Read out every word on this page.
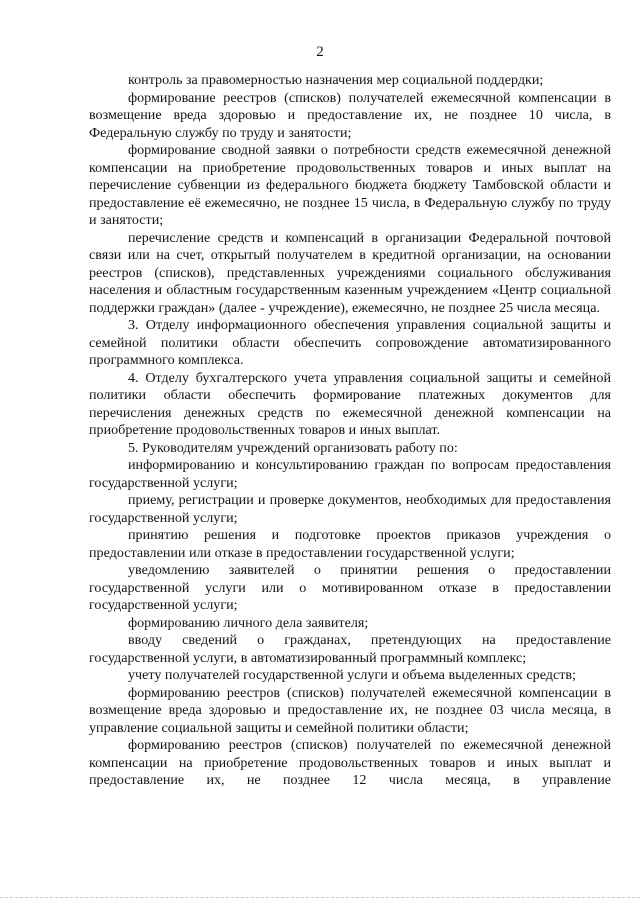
2

контроль за правомерностью назначения мер социальной поддердки;

формирование реестров (списков) получателей ежемесячной компенсации в возмещение вреда здоровью и предоставление их, не позднее 10 числа, в Федеральную службу по труду и занятости;

формирование сводной заявки о потребности средств ежемесячной денежной компенсации на приобретение продовольственных товаров и иных выплат на перечисление субвенции из федерального бюджета бюджету Тамбовской области и предоставление её ежемесячно, не позднее 15 числа, в Федеральную службу по труду и занятости;

перечисление средств и компенсаций в организации Федеральной почтовой связи или на счет, открытый получателем в кредитной организации, на основании реестров (списков), представленных учреждениями социального обслуживания населения и областным государственным казенным учреждением «Центр социальной поддержки граждан» (далее - учреждение), ежемесячно, не позднее 25 числа месяца.

3. Отделу информационного обеспечения управления социальной защиты и семейной политики области обеспечить сопровождение автоматизированного программного комплекса.

4. Отделу бухгалтерского учета управления социальной защиты и семейной политики области обеспечить формирование платежных документов для перечисления денежных средств по ежемесячной денежной компенсации на приобретение продовольственных товаров и иных выплат.

5. Руководителям учреждений организовать работу по:

информированию и консультированию граждан по вопросам предоставления государственной услуги;

приему, регистрации и проверке документов, необходимых для предоставления государственной услуги;

принятию решения и подготовке проектов приказов учреждения о предоставлении или отказе в предоставлении государственной услуги;

уведомлению заявителей о принятии решения о предоставлении государственной услуги или о мотивированном отказе в предоставлении государственной услуги;

формированию личного дела заявителя;

вводу сведений о гражданах, претендующих на предоставление государственной услуги, в автоматизированный программный комплекс;

учету получателей государственной услуги и объема выделенных средств;

формированию реестров (списков) получателей ежемесячной компенсации в возмещение вреда здоровью и предоставление их, не позднее 03 числа месяца, в управление социальной защиты и семейной политики области;

формированию реестров (списков) получателей по ежемесячной денежной компенсации на приобретение продовольственных товаров и иных выплат и предоставление их, не позднее 12 числа месяца, в управление
